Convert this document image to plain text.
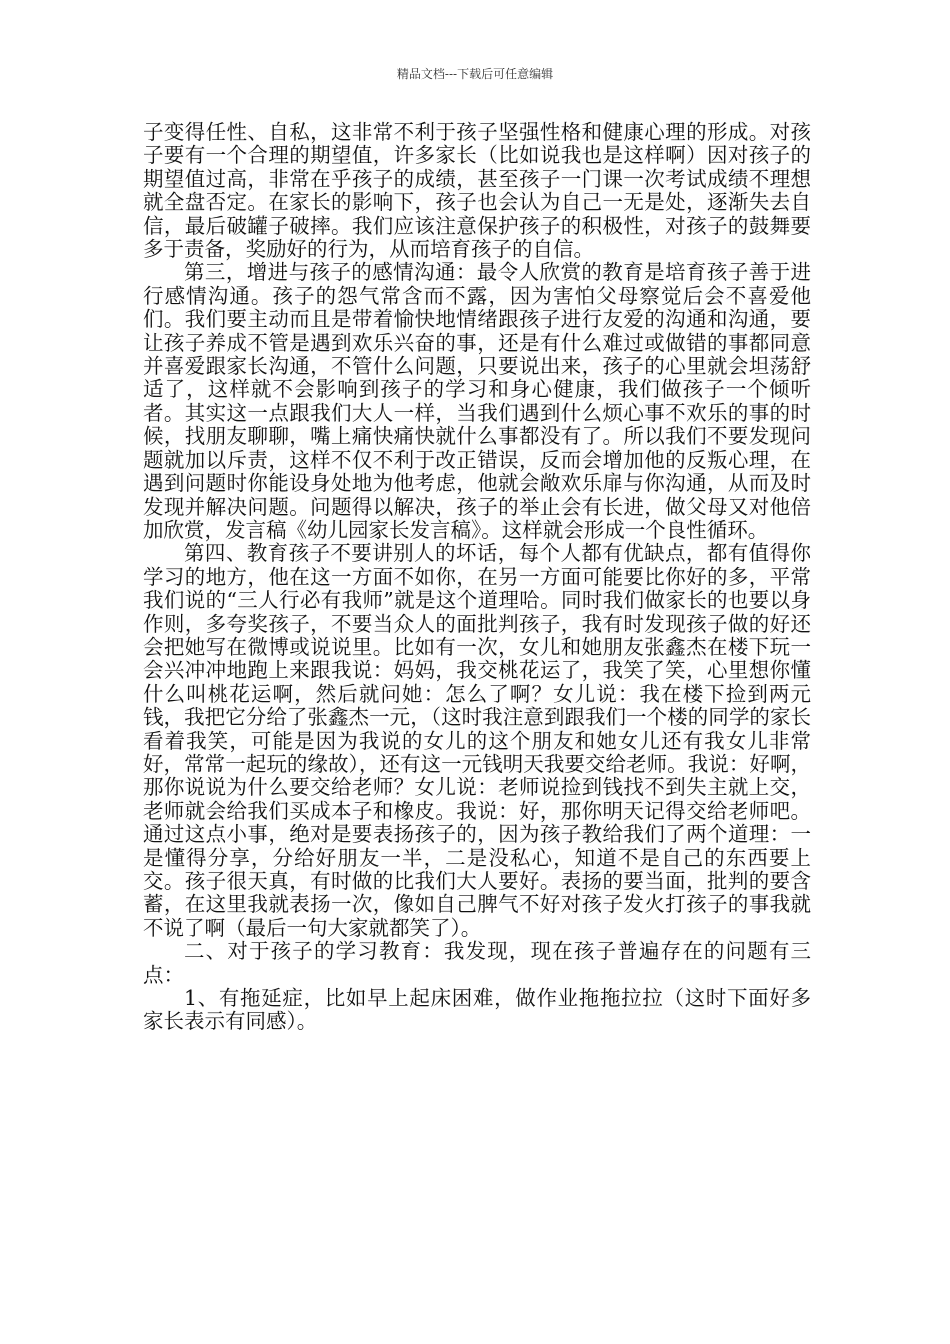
精品文档---下载后可任意编辑

子变得任性、自私，这非常不利于孩子坚强性格和健康心理的形成。对孩子要有一个合理的期望值，许多家长（比如说我也是这样啊）因对孩子的期望值过高，非常在乎孩子的成绩，甚至孩子一门课一次考试成绩不理想就全盘否定。在家长的影响下，孩子也会认为自己一无是处，逐渐失去自信，最后破罐子破摔。我们应该注意保护孩子的积极性，对孩子的鼓舞要多于责备，奖励好的行为，从而培育孩子的自信。

第三，增进与孩子的感情沟通：最令人欣赏的教育是培育孩子善于进行感情沟通。孩子的怨气常含而不露，因为害怕父母察觉后会不喜爱他们。我们要主动而且是带着愉快地情绪跟孩子进行友爱的沟通和沟通，要让孩子养成不管是遇到欢乐兴奋的事，还是有什么难过或做错的事都同意并喜爱跟家长沟通，不管什么问题，只要说出来，孩子的心里就会坦荡舒适了，这样就不会影响到孩子的学习和身心健康，我们做孩子一个倾听者。其实这一点跟我们大人一样，当我们遇到什么烦心事不欢乐的事的时候，找朋友聊聊，嘴上痛快痛快就什么事都没有了。所以我们不要发现问题就加以斥责，这样不仅不利于改正错误，反而会增加他的反叛心理，在遇到问题时你能设身处地为他考虑，他就会敞欢乐扉与你沟通，从而及时发现并解决问题。问题得以解决，孩子的举止会有长进，做父母又对他倍加欣赏，发言稿《幼儿园家长发言稿》。这样就会形成一个良性循环。

第四、教育孩子不要讲别人的坏话，每个人都有优缺点，都有值得你学习的地方，他在这一方面不如你，在另一方面可能要比你好的多，平常我们说的“三人行必有我师”就是这个道理哈。同时我们做家长的也要以身作则，多夸奖孩子，不要当众人的面批判孩子，我有时发现孩子做的好还会把她写在微博或说说里。比如有一次，女儿和她朋友张鑫杰在楼下玩一会兴冲冲地跑上来跟我说：妈妈，我交桃花运了，我笑了笑，心里想你懂什么叫桃花运啊，然后就问她：怎么了啊？女儿说：我在楼下捡到两元钱，我把它分给了张鑫杰一元，（这时我注意到跟我们一个楼的同学的家长看着我笑，可能是因为我说的女儿的这个朋友和她女儿还有我女儿非常好，常常一起玩的缘故），还有这一元钱明天我要交给老师。我说：好啊，那你说说为什么要交给老师？女儿说：老师说捡到钱找不到失主就上交，老师就会给我们买成本子和橡皮。我说：好，那你明天记得交给老师吧。通过这点小事，绝对是要表扬孩子的，因为孩子教给我们了两个道理：一是懂得分享，分给好朋友一半，二是没私心，知道不是自己的东西要上交。孩子很天真，有时做的比我们大人要好。表扬的要当面，批判的要含蓄，在这里我就表扬一次，像如自己脾气不好对孩子发火打孩子的事我就不说了啊（最后一句大家就都笑了）。

二、对于孩子的学习教育：我发现，现在孩子普遍存在的问题有三点：

1、有拖延症，比如早上起床困难，做作业拖拖拉拉（这时下面好多家长表示有同感）。
